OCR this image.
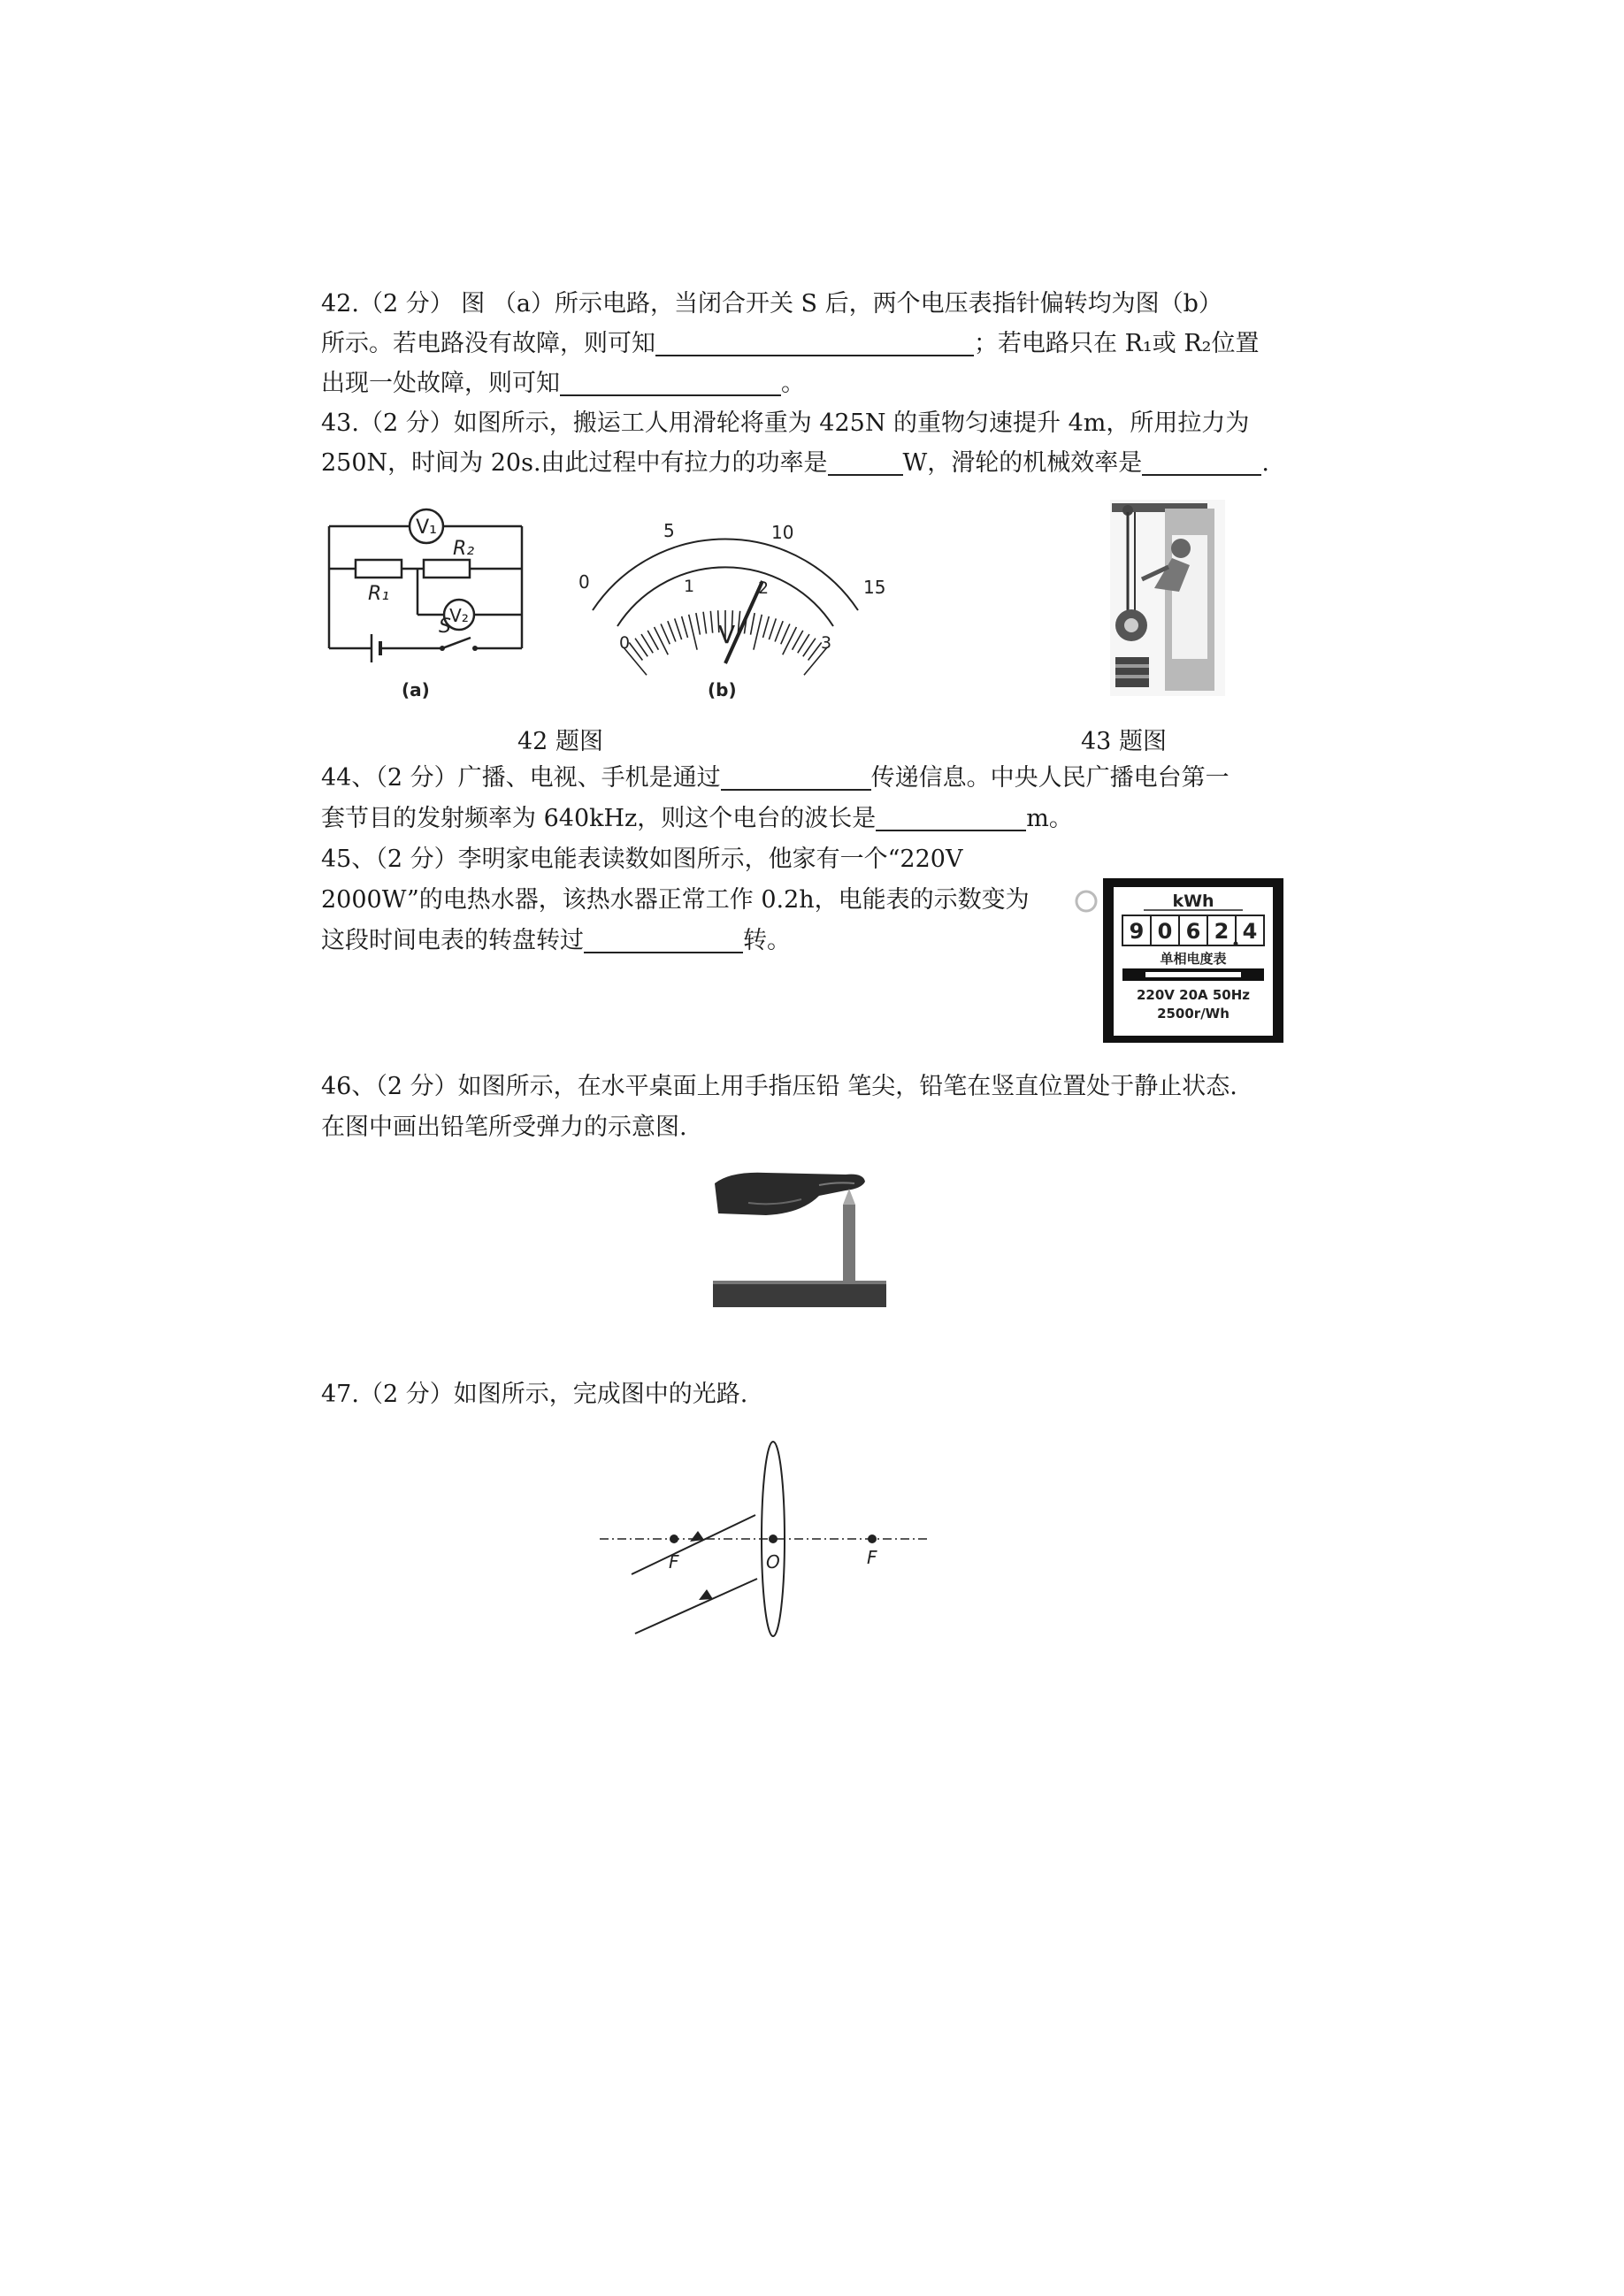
42.（2 分） 图 （a）所示电路，当闭合开关 S 后，两个电压表指针偏转均为图（b）
所示。若电路没有故障，则可知	；若电路只在 R₁或 R₂位置
出现一处故障，则可知	。
43.（2 分）如图所示，搬运工人用滑轮将重为 425N 的重物匀速提升 4m，所用拉力为
250N，时间为 20s.由此过程中有拉力的功率是	W，滑轮的机械效率是	.
V₁
V₂
R₁
R₂
S
(a)
0
5	10
15
0
1	2
3
V
(b)
42 题图	43 题图
44、（2 分）广播、电视、手机是通过	传递信息。中央人民广播电台第一
套节目的发射频率为 640kHz，则这个电台的波长是	m。
45、（2 分）李明家电能表读数如图所示，他家有一个“220V
2000W”的电热水器，该热水器正常工作 0.2h，电能表的示数变为
这段时间电表的转盘转过	转。
kWh
9 0 6 2 4
单相电度表
220V 20A 50Hz
2500r/Wh
46、（2 分）如图所示，在水平桌面上用手指压铅 笔尖，铅笔在竖直位置处于静止状态.
在图中画出铅笔所受弹力的示意图.
47.（2 分）如图所示，完成图中的光路.
F	O	F
